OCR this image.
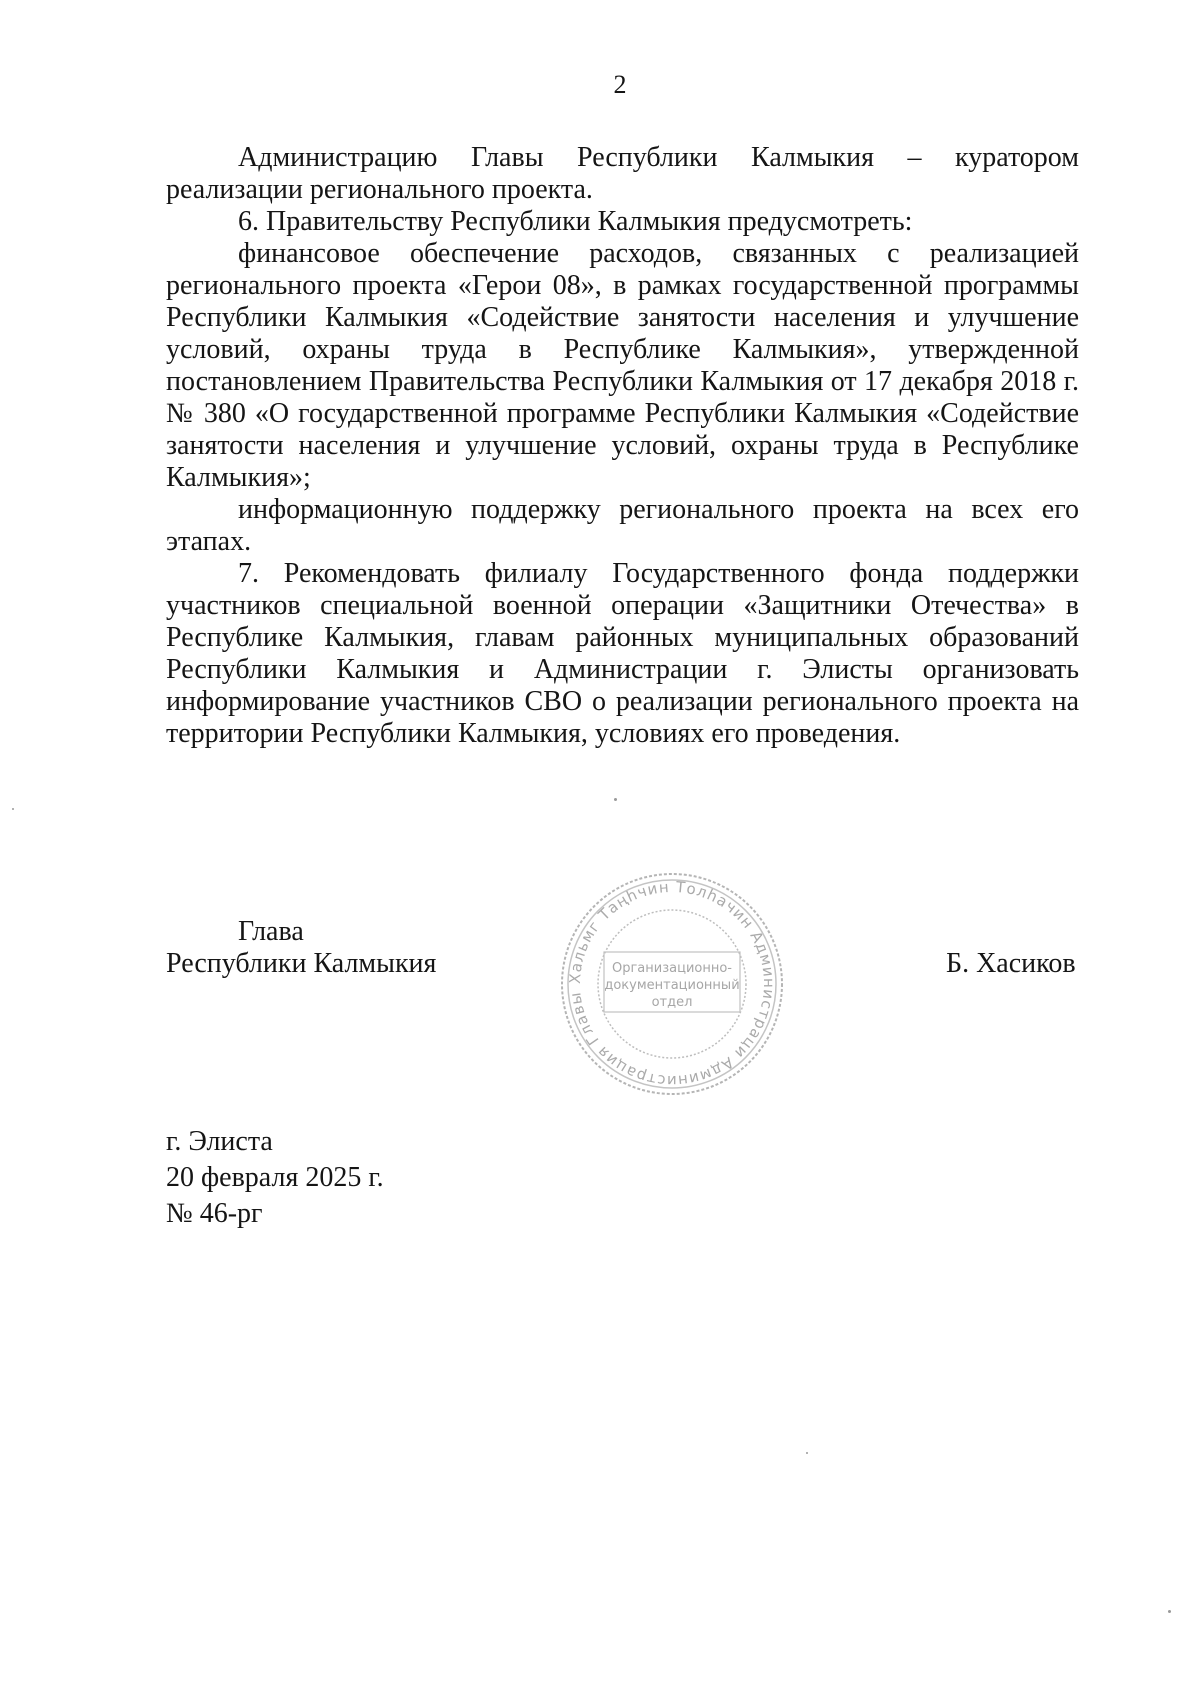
2

Администрацию Главы Республики Калмыкия – куратором реализации регионального проекта.

6. Правительству Республики Калмыкия предусмотреть:

финансовое обеспечение расходов, связанных с реализацией регионального проекта «Герои 08», в рамках государственной программы Республики Калмыкия «Содействие занятости населения и улучшение условий, охраны труда в Республике Калмыкия», утвержденной постановлением Правительства Республики Калмыкия от 17 декабря 2018 г. № 380 «О государственной программе Республики Калмыкия «Содействие занятости населения и улучшение условий, охраны труда в Республике Калмыкия»;

информационную поддержку регионального проекта на всех его этапах.

7. Рекомендовать филиалу Государственного фонда поддержки участников специальной военной операции «Защитники Отечества» в Республике Калмыкия, главам районных муниципальных образований Республики Калмыкия и Администрации г. Элисты организовать информирование участников СВО о реализации регионального проекта на территории Республики Калмыкия, условиях его проведения.

Глава
Республики Калмыкия	Хальмг Таңһчин Толһачин Администраци Администрация Главы
Организационно-
документационный
отдел
Б. Хасиков
г. Элиста
20 февраля 2025 г.
№ 46-рг
